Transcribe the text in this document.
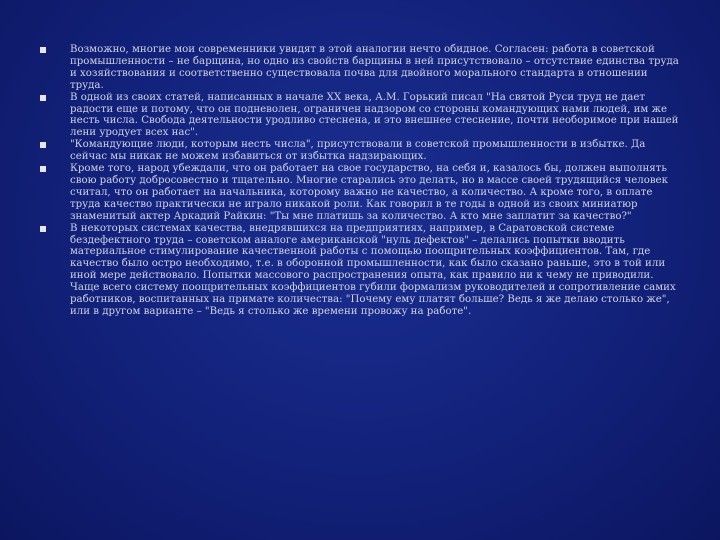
Возможно, многие мои современники увидят в этой аналогии нечто обидное. Согласен: работа в советской промышленности – не барщина, но одно из свойств барщины в ней присутствовало – отсутствие единства труда и хозяйствования и соответственно существовала почва для двойного морального стандарта в отношении труда.
В одной из своих статей, написанных в начале ХХ века, А.М. Горький писал "На святой Руси труд не дает радости еще и потому, что он подневолен, ограничен надзором со стороны командующих нами людей, им же несть числа. Свобода деятельности уродливо стеснена, и это внешнее стеснение, почти необоримое при нашей лени уродует всех нас".
"Командующие люди, которым несть числа", присутствовали в советской промышленности в избытке. Да сейчас мы никак не можем избавиться от избытка надзирающих.
Кроме того, народ убеждали, что он работает на свое государство, на себя и, казалось бы, должен выполнять свою работу добросовестно и тщательно. Многие старались это делать, но в массе своей трудящийся человек считал, что он работает на начальника, которому важно не качество, а количество. А кроме того, в оплате труда качество практически не играло никакой роли. Как говорил в те годы в одной из своих миниатюр знаменитый актер Аркадий Райкин: "Ты мне платишь за количество. А кто мне заплатит за качество?"
В некоторых системах качества, внедрявшихся на предприятиях, например, в Саратовской системе бездефектного труда – советском аналоге американской "нуль дефектов" – делались попытки вводить материальное стимулирование качественной работы с помощью поощрительных коэффициентов. Там, где качество было остро необходимо, т.е. в оборонной промышленности, как было сказано раньше, это в той или иной мере действовало. Попытки массового распространения опыта, как правило ни к чему не приводили. Чаще всего систему поощрительных коэффициентов губили формализм руководителей и сопротивление самих работников, воспитанных на примате количества: "Почему ему платят больше? Ведь я же делаю столько же", или в другом варианте – "Ведь я столько же времени провожу на работе".
